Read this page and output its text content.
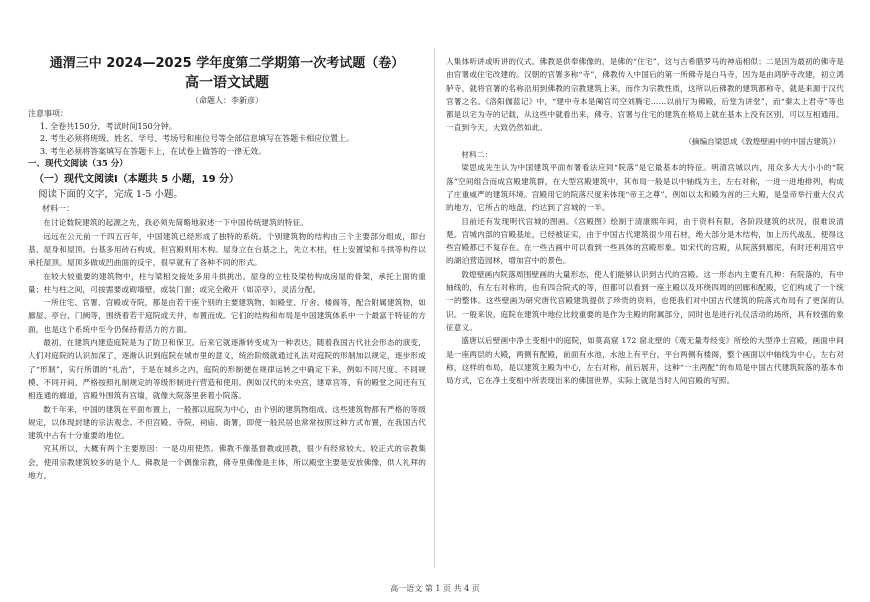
通渭三中 2024—2025 学年度第二学期第一次考试题（卷）

高一语文试题

（命题人：李新彦）

注意事项：

1. 全卷共150分，考试时间150分钟。

2. 考生必须将班级、姓名、学号、考场号和座位号等全部信息填写在答题卡相应位置上。

3. 考生必须将答案填写在答题卡上，在试卷上做答的一律无效。

一、现代文阅读（35 分）

（一）现代文阅读Ⅰ（本题共 5 小题，19 分）

阅读下面的文字，完成 1-5 小题。

材料一：

在讨论数院建筑的起源之先，我必须先简略地叙述一下中国传统建筑的特征。

远远在公元前一千四五百年，中国建筑已经形成了独特的系统。个别建筑物的结构由三个主要部分组成，即台基、屋身和屋顶。台基多用砖石构成，但宫殿则用木构。屋身立在台基之上，先立木柱，柱上安置梁和斗拱等构件以承托屋顶。屋顶多做成凹曲面的反宇，很早就有了各种不同的形式。

在较大较重要的建筑物中，柱与梁相交接处多用斗拱挑出。屋身的立柱及梁枋构成房屋的骨架，承托上面的重量；柱与柱之间，可按需要或砌墙壁，或装门窗；或完全敞开（如凉亭），灵活分配。

一所住宅、官署、宫殿或寺院，都是由若干座个别的主要建筑物，如殿堂、厅舍、楼阁等，配合附属建筑物，如廊屋、亭台、门阙等，围绕着若干庭院或天井，布置而成。它们的结构和布局是中国建筑体系中一个最富于特征的方面，也是这个系统中至今仍保持着活力的方面。

最初，在建筑内建造庭院是为了防卫和保卫。后来它就逐渐转变成为一种表达，随着我国古代社会形态的演变，人们对庭院的认识加深了，逐渐认识到庭院在城市里的意义，统治阶级就通过礼法对庭院的形制加以规定，逐步形成了“形制”，实行所谓的“礼治”，于是在城乡之内，庭院的形制便在规律运转之中确定下来，例如不同尺度、不同规模、不同开间，严格按照礼制规定的等级形制进行营造和使用。例如汉代的未央宫，建章宫等，有的殿堂之间还有互相连通的廊道，宫殿外围筑有宫墙，就像大院落里套着小院落。

数千年来，中国的建筑在平面布置上，一般都以庭院为中心，由个别的建筑物组成。这些建筑物都有严格的等级规定，以体现封建的宗法观念。不但宫殿、寺院、祠庙、衙署，即使一般民居也常常按照这种方式布置，在我国古代建筑中占有十分重要的地位。

究其所以，大概有两个主要原因：一是功用使然。佛教不像基督教或回教，很少有经常较大、较正式的宗教集会，使用宗教建筑较多的是个人。佛教是一个偶像宗教，佛寺里佛像是主体，所以殿堂主要是安放佛像，供人礼拜的地方。

人集体听讲或听讲的仪式。佛教是供奉佛像的，是佛的“住宅”，这与古希腊罗马的神庙相似；二是因为最初的佛寺是由官署或住宅改建的。汉朝的官署多称“寺”，佛教传入中国后的第一所佛寺是白马寺，因为是由鸿胪寺改建，初立鸿胪寺，就将官署的名称沿用到佛教的宗教建筑上来，而作为宗教性质，这所以后佛教的建筑都称寺，就是来源于汉代官署之名。《洛阳伽蓝记》中，“建中寺本是阉官司空刘腾宅……以前厅为佛殿，后堂为讲堂”，而“秦太上君寺”等也都是以宅为寺的记载，从这些中就看出来，佛寺、官署与住宅的建筑在格局上就在基本上没有区别，可以互相通用。一直到今天，大致仍然如此。

（摘编自梁思成《敦煌壁画中的中国古建筑》）

材料二：

梁思成先生认为中国建筑平面布署看法应同“院落”是它最基本的特征。明清宫城以内，用众多大大小小的“院落”空间组合而成宫殿建筑群，在大型宫殿建筑中，其布局一般是以中轴线为主，左右对称，一进一进地排列，构成了庄重威严的建筑环境。宫殿用它的院落尺度来体现“帝王之尊”。例如以太和殿为首的三大殿，是皇帝举行重大仪式的地方，它所占的地盘，约达到了宫城的一半。

目前还有发现明代宫城的图画。《宫殿图》绘制于清康熙年间，由于资料有限，各阶段建筑的状况，很难说清楚。宫城内部的宫殿基址，已经被证实，由于中国古代建筑很少用石材，绝大部分是木结构，加上历代战乱，使得这些宫殿都已不复存在。在一些古画中可以看到一些具体的宫殿形象。如宋代的宫殿，从院落到廊庑，有时还利用宫中的湖泊营造园林，增加宫中的景色。

敦煌壁画内院落周围壁画的大量形态，使人们能够认识到古代的宫殿。这一形态内主要有几种：有院落的，有中轴线的，有左右对称的，也有四合院式的等，但都可以看到一座主殿以及环绕四周的回廊和配殿，它们构成了一个统一的整体。这些壁画为研究唐代宫殿建筑提供了珍贵的资料，也使我们对中国古代建筑的院落式布局有了更深的认识。一般来说，庭院在建筑中地位比较重要的是作为主殿的附属部分，同时也是进行礼仪活动的场所，具有较强的象征意义。

盛唐以后壁画中净土变相中的庭院，如莫高窟 172 窟北壁的《观无量寿经变》所绘的大型净土宫殿，画面中间是一座两层的大殿，两侧有配殿，前面有水池，水池上有平台，平台两侧有楼阁，整个画面以中轴线为中心，左右对称，这样的布局，是以建筑主殿为中心，左右对称，前后展开，这种“一主两配”的布局是中国古代建筑院落的基本布局方式，它在净土变相中所表现出来的佛国世界，实际上就是当时人间宫殿的写照。

高一语文 第 1 页 共 4 页
